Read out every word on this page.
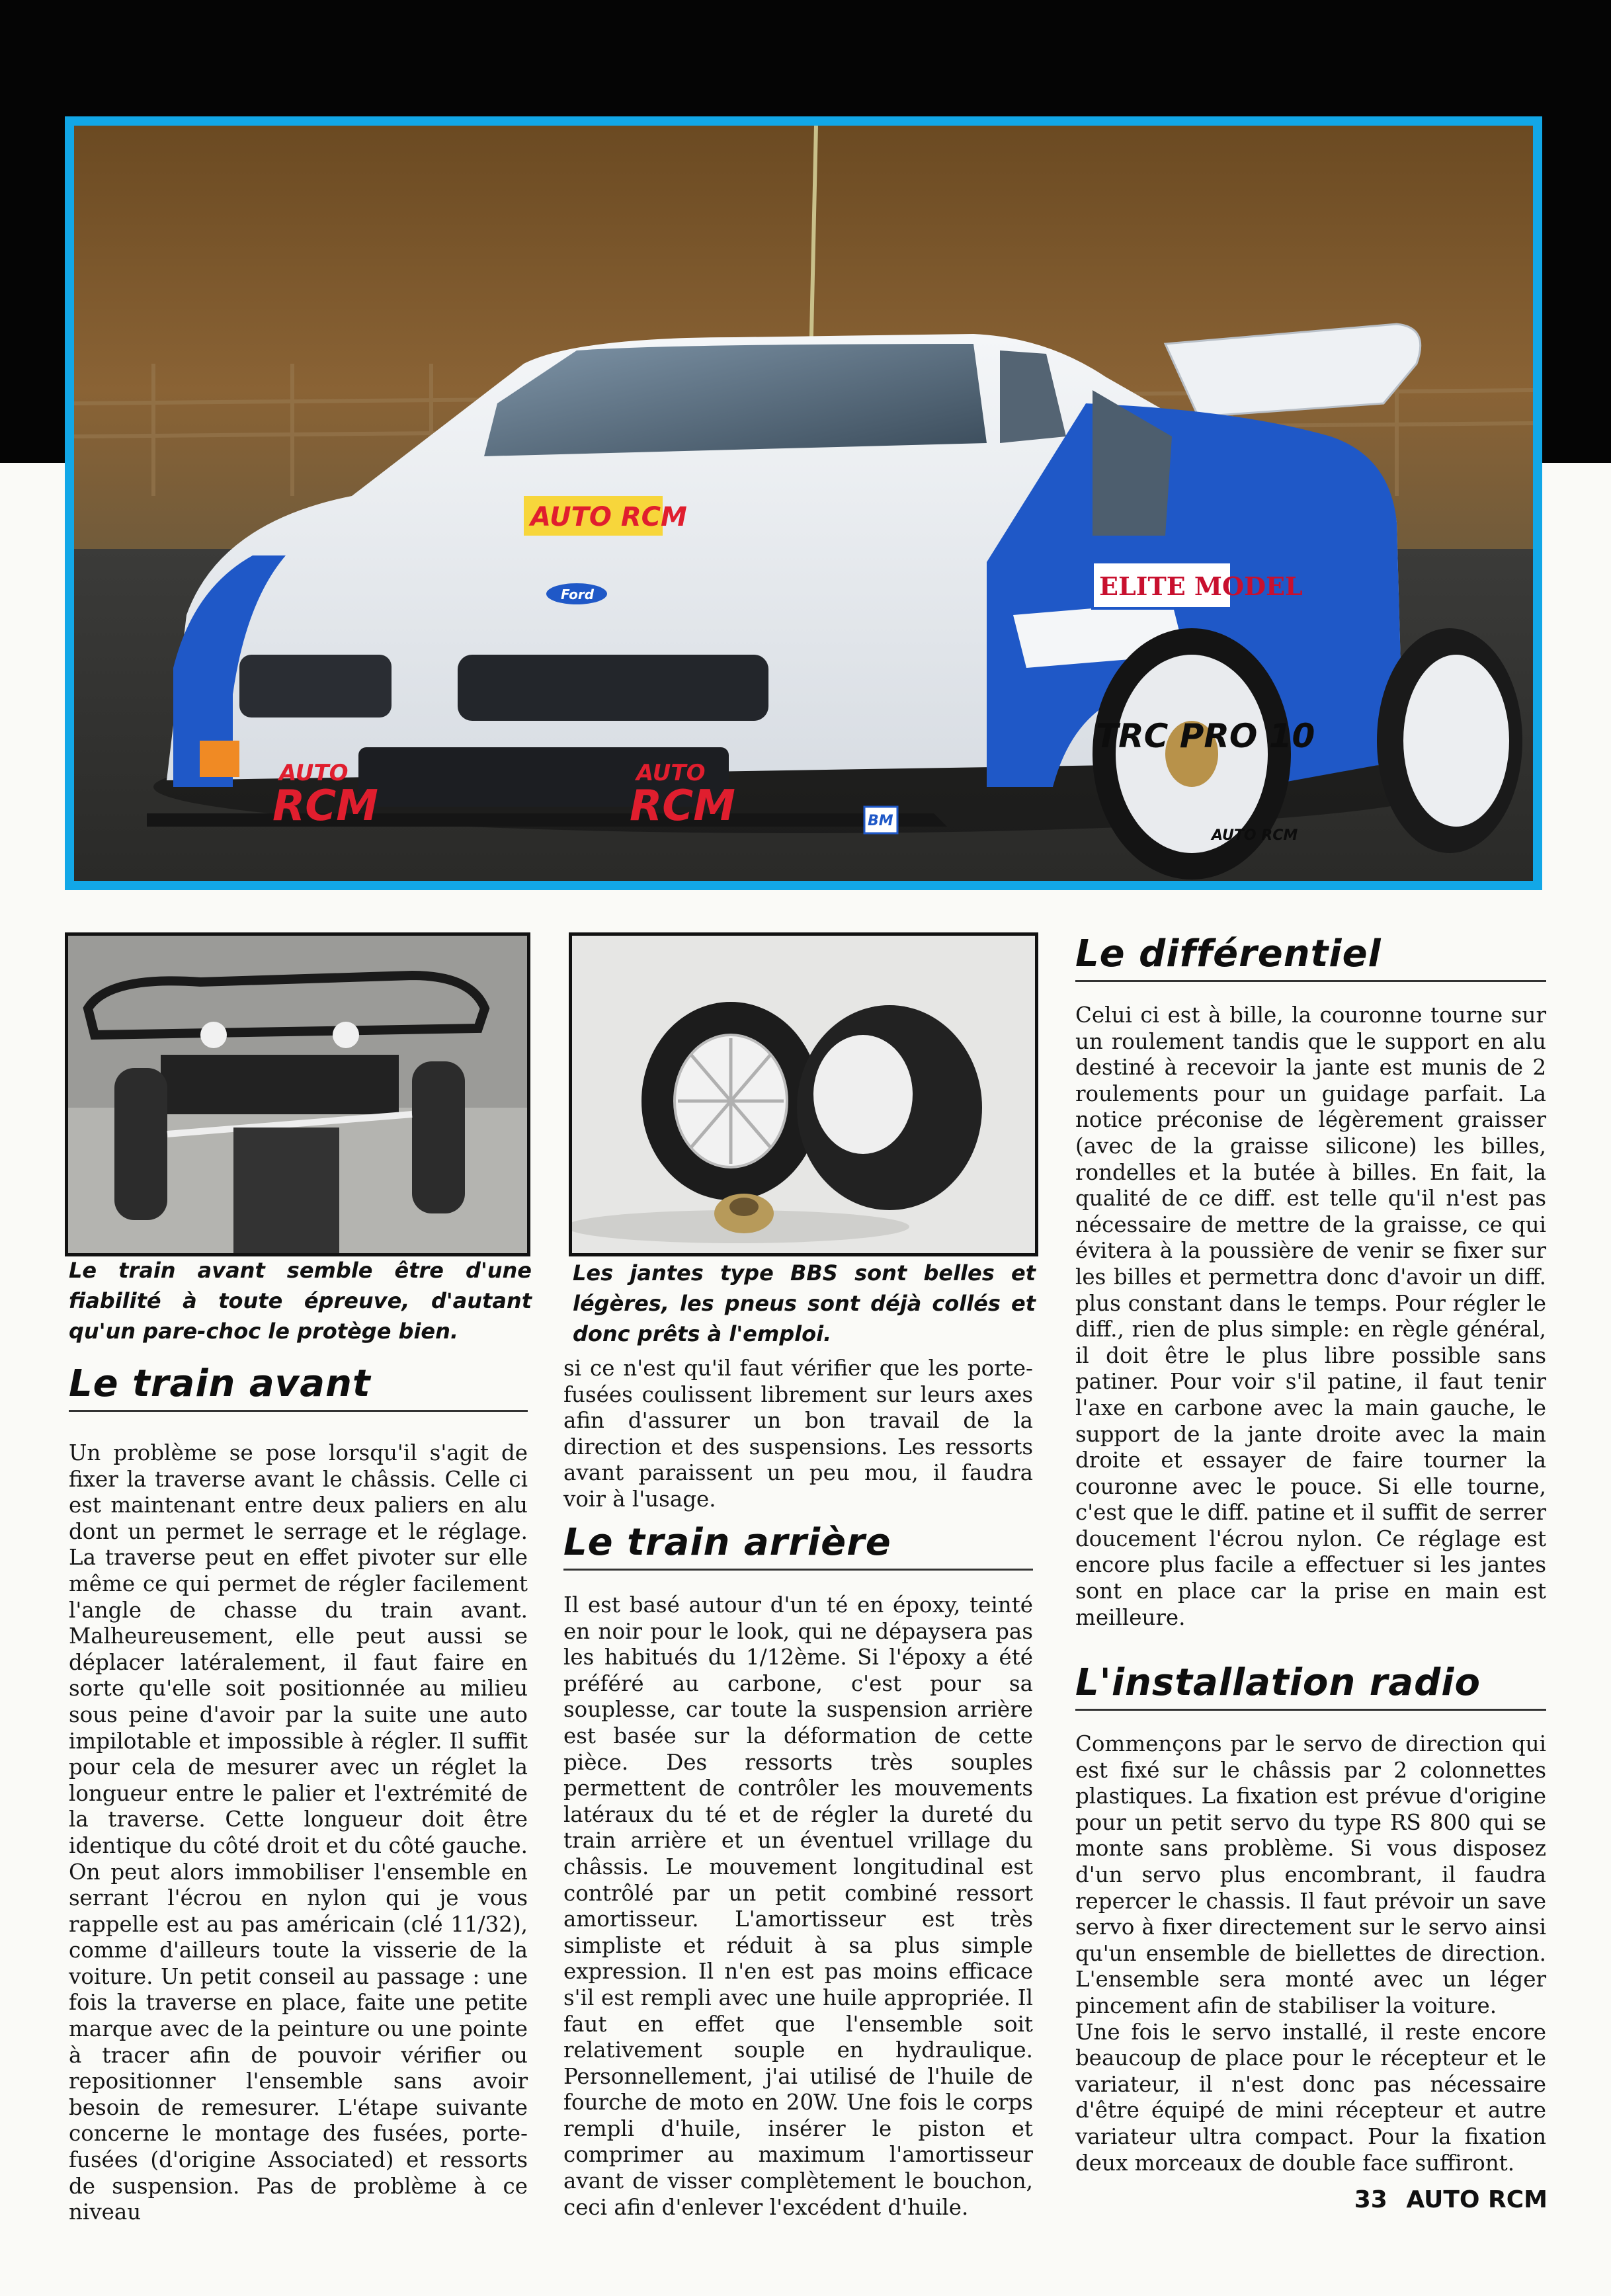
AUTO RCM
AUTO
RCM
AUTO
RCM
Ford	ELITE MODEL
TRC PRO 10
BM
AUTO RCM

Le train avant semble être d'une fiabilité à toute épreuve, d'autant qu'un pare-choc le protège bien.

Les jantes type BBS sont belles et légères, les pneus sont déjà collés et donc prêts à l'emploi.

Le train avant

Un problème se pose lorsqu'il s'agit de fixer la traverse avant le châssis. Celle ci est maintenant entre deux paliers en alu dont un permet le serrage et le réglage. La traverse peut en effet pivoter sur elle même ce qui permet de régler facilement l'angle de chasse du train avant. Malheureusement, elle peut aussi se déplacer latéralement, il faut faire en sorte qu'elle soit positionnée au milieu sous peine d'avoir par la suite une auto impilotable et impossible à régler. Il suffit pour cela de mesurer avec un réglet la longueur entre le palier et l'extrémité de la traverse. Cette longueur doit être identique du côté droit et du côté gauche. On peut alors immobiliser l'ensemble en serrant l'écrou en nylon qui je vous rappelle est au pas américain (clé 11/32), comme d'ailleurs toute la visserie de la voiture. Un petit conseil au passage : une fois la traverse en place, faite une petite marque avec de la peinture ou une pointe à tracer afin de pouvoir vérifier ou repositionner l'ensemble sans avoir besoin de remesurer. L'étape suivante concerne le montage des fusées, porte-fusées (d'origine Associated) et ressorts de suspension. Pas de problème à ce niveau

si ce n'est qu'il faut vérifier que les porte-fusées coulissent librement sur leurs axes afin d'assurer un bon travail de la direction et des suspensions. Les ressorts avant paraissent un peu mou, il faudra voir à l'usage.

Le train arrière

Il est basé autour d'un té en époxy, teinté en noir pour le look, qui ne dépaysera pas les habitués du 1/12ème. Si l'époxy a été préféré au carbone, c'est pour sa souplesse, car toute la suspension arrière est basée sur la déformation de cette pièce. Des ressorts très souples permettent de contrôler les mouvements latéraux du té et de régler la dureté du train arrière et un éventuel vrillage du châssis. Le mouvement longitudinal est contrôlé par un petit combiné ressort amortisseur. L'amortisseur est très simpliste et réduit à sa plus simple expression. Il n'en est pas moins efficace s'il est rempli avec une huile appropriée. Il faut en effet que l'ensemble soit relativement souple en hydraulique. Personnellement, j'ai utilisé de l'huile de fourche de moto en 20W. Une fois le corps rempli d'huile, insérer le piston et comprimer au maximum l'amortisseur avant de visser complètement le bouchon, ceci afin d'enlever l'excédent d'huile.

Le différentiel

Celui ci est à bille, la couronne tourne sur un roulement tandis que le support en alu destiné à recevoir la jante est munis de 2 roulements pour un guidage parfait. La notice préconise de légèrement graisser (avec de la graisse silicone) les billes, rondelles et la butée à billes. En fait, la qualité de ce diff. est telle qu'il n'est pas nécessaire de mettre de la graisse, ce qui évitera à la poussière de venir se fixer sur les billes et permettra donc d'avoir un diff. plus constant dans le temps. Pour régler le diff., rien de plus simple: en règle général, il doit être le plus libre possible sans patiner. Pour voir s'il patine, il faut tenir l'axe en carbone avec la main gauche, le support de la jante droite avec la main droite et essayer de faire tourner la couronne avec le pouce. Si elle tourne, c'est que le diff. patine et il suffit de serrer doucement l'écrou nylon. Ce réglage est encore plus facile a effectuer si les jantes sont en place car la prise en main est meilleure.

L'installation radio

Commençons par le servo de direction qui est fixé sur le châssis par 2 colonnettes plastiques. La fixation est prévue d'origine pour un petit servo du type RS 800 qui se monte sans problème. Si vous disposez d'un servo plus encombrant, il faudra repercer le chassis. Il faut prévoir un save servo à fixer directement sur le servo ainsi qu'un ensemble de biellettes de direction. L'ensemble sera monté avec un léger pincement afin de stabiliser la voiture.

Une fois le servo installé, il reste encore beaucoup de place pour le récepteur et le variateur, il n'est donc pas nécessaire d'être équipé de mini récepteur et autre variateur ultra compact. Pour la fixation deux morceaux de double face suffiront.

33 AUTO RCM
